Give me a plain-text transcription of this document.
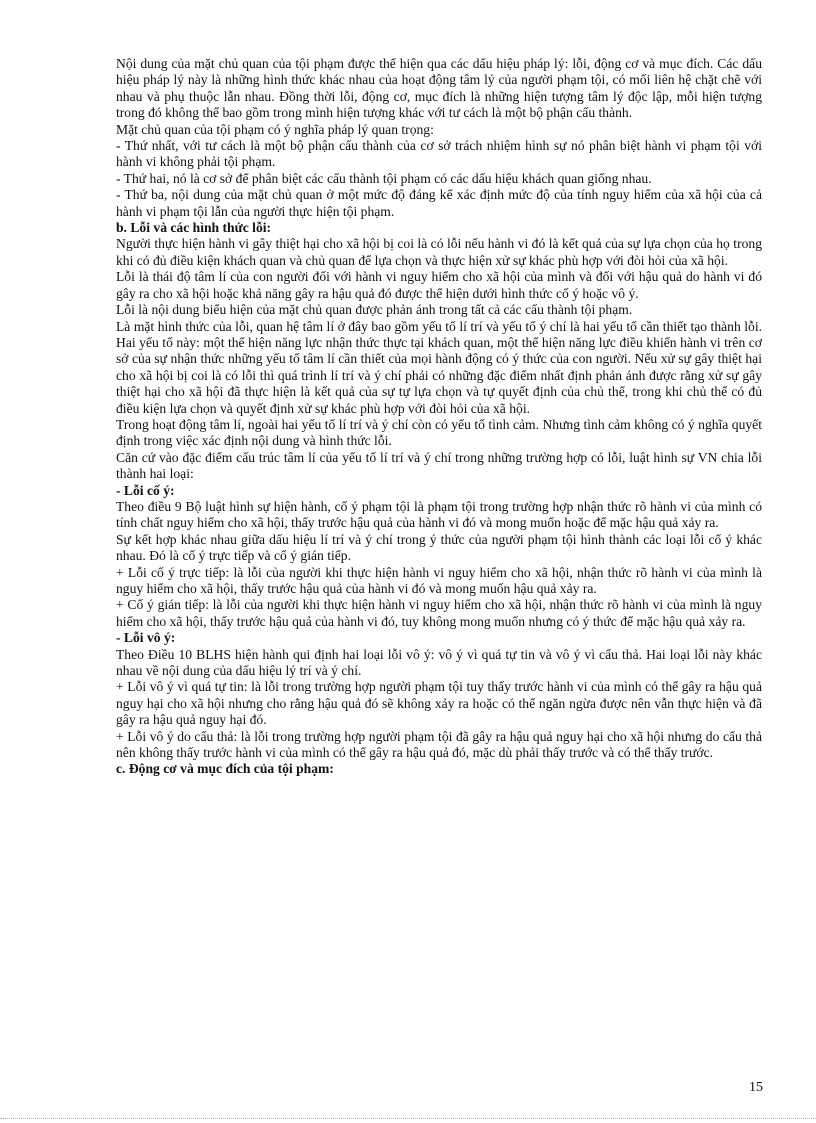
Nội dung của mặt chủ quan của tội phạm được thể hiện qua các dấu hiệu pháp lý: lỗi, động cơ và mục đích. Các dấu hiệu pháp lý này là những hình thức khác nhau của hoạt động tâm lý của người phạm tội, có mối liên hệ chặt chẽ với nhau và phụ thuộc lẫn nhau. Đồng thời lỗi, động cơ, mục đích là những hiện tượng tâm lý độc lập, mỗi hiện tượng trong đó không thể bao gồm trong mình hiện tượng khác với tư cách là một bộ phận cấu thành.

Mặt chủ quan của tội phạm có ý nghĩa pháp lý quan trọng:

- Thứ nhất, với tư cách là một bộ phận cấu thành của cơ sở trách nhiệm hình sự nó phân biệt hành vi phạm tội với hành vi không phải tội phạm.

- Thứ hai, nó là cơ sở để phân biệt các cấu thành tội phạm có các dấu hiệu khách quan giống nhau.

- Thứ ba, nội dung của mặt chủ quan ở một mức độ đáng kể xác định mức độ của tính nguy hiểm của xã hội của cả hành vi phạm tội lẫn của người thực hiện tội phạm.

b. Lỗi và các hình thức lỗi:

Người thực hiện hành vi gây thiệt hại cho xã hội bị coi là có lỗi nếu hành vi đó là kết quả của sự lựa chọn của họ trong khi có đủ điều kiện khách quan và chủ quan để lựa chọn và thực hiện xử sự khác phù hợp với đòi hỏi của xã hội.

Lỗi là thái độ tâm lí của con người đối với hành vi nguy hiểm cho xã hội của mình và đối với hậu quả do hành vi đó gây ra cho xã hội hoặc khả năng gây ra hậu quả đó được thể hiện dưới hình thức cố ý hoặc vô ý.

Lỗi là nội dung biểu hiện của mặt chủ quan được phản ánh trong tất cả các cấu thành tội phạm.

Là mặt hình thức của lỗi, quan hệ tâm lí ở đây bao gồm yếu tố lí trí và yếu tố ý chí là hai yếu tố cần thiết tạo thành lỗi. Hai yếu tố này: một thể hiện năng lực nhận thức thực tại khách quan, một thể hiện năng lực điều khiển hành vi trên cơ sở của sự nhận thức những yếu tố tâm lí cần thiết của mọi hành động có ý thức của con người. Nếu xử sự gây thiệt hại cho xã hội bị coi là có lỗi thì quá trình lí trí và ý chí phải có những đặc điểm nhất định phản ánh được rằng xử sự gây thiệt hại cho xã hội đã thực hiện là kết quả của sự tự lựa chọn và tự quyết định của chủ thể, trong khi chủ thể có đủ điều kiện lựa chọn và quyết định xử sự khác phù hợp với đòi hỏi của xã hội.

Trong hoạt động tâm lí, ngoài hai yếu tố lí trí và ý chí còn có yếu tố tình cảm. Nhưng tình cảm không có ý nghĩa quyết định trong việc xác định nội dung và hình thức lỗi.

Căn cứ vào đặc điểm cấu trúc tâm lí của yếu tố lí trí và ý chí trong những trường hợp có lỗi, luật hình sự VN chia lỗi thành hai loại:

- Lỗi cố ý:

Theo điều 9 Bộ luật hình sự hiện hành, cố ý phạm tội là phạm tội trong trường hợp nhận thức rõ hành vi của mình có tính chất nguy hiểm cho xã hội, thấy trước hậu quả của hành vi đó và mong muốn hoặc để mặc hậu quả xảy ra.

Sự kết hợp khác nhau giữa dấu hiệu lí trí và ý chí trong ý thức của người phạm tội hình thành các loại lỗi cố ý khác nhau. Đó là cố ý trực tiếp và cố ý gián tiếp.

+ Lỗi cố ý trực tiếp: là lỗi của người khi thực hiện hành vi nguy hiểm cho xã hội, nhận thức rõ hành vi của mình là nguy hiểm cho xã hội, thấy trước hậu quả của hành vi đó và mong muốn hậu quả xảy ra.

+ Cố ý gián tiếp: là lỗi của người khi thực hiện hành vi nguy hiểm cho xã hội, nhận thức rõ hành vi của mình là nguy hiểm cho xã hội, thấy trước hậu quả của hành vi đó, tuy không mong muốn nhưng có ý thức để mặc hậu quả xảy ra.

- Lỗi vô ý:

Theo Điều 10 BLHS hiện hành qui định hai loại lỗi vô ý: vô ý vì quá tự tin và vô ý vì cẩu thả. Hai loại lỗi này khác nhau về nội dung của dấu hiệu lý trí và ý chí.

+ Lỗi vô ý vì quá tự tin: là lỗi trong trường hợp người phạm tội tuy thấy trước hành vi của mình có thể gây ra hậu quả nguy hại cho xã hội nhưng cho rằng hậu quả đó sẽ không xảy ra hoặc có thể ngăn ngừa được nên vẫn thực hiện và đã gây ra hậu quả nguy hại đó.

+ Lỗi vô ý do cẩu thả: là lỗi trong trường hợp người phạm tội đã gây ra hậu quả nguy hại cho xã hội nhưng do cẩu thả nên không thấy trước hành vi của mình có thể gây ra hậu quả đó, mặc dù phải thấy trước và có thể thấy trước.

c. Động cơ và mục đích của tội phạm:

15
